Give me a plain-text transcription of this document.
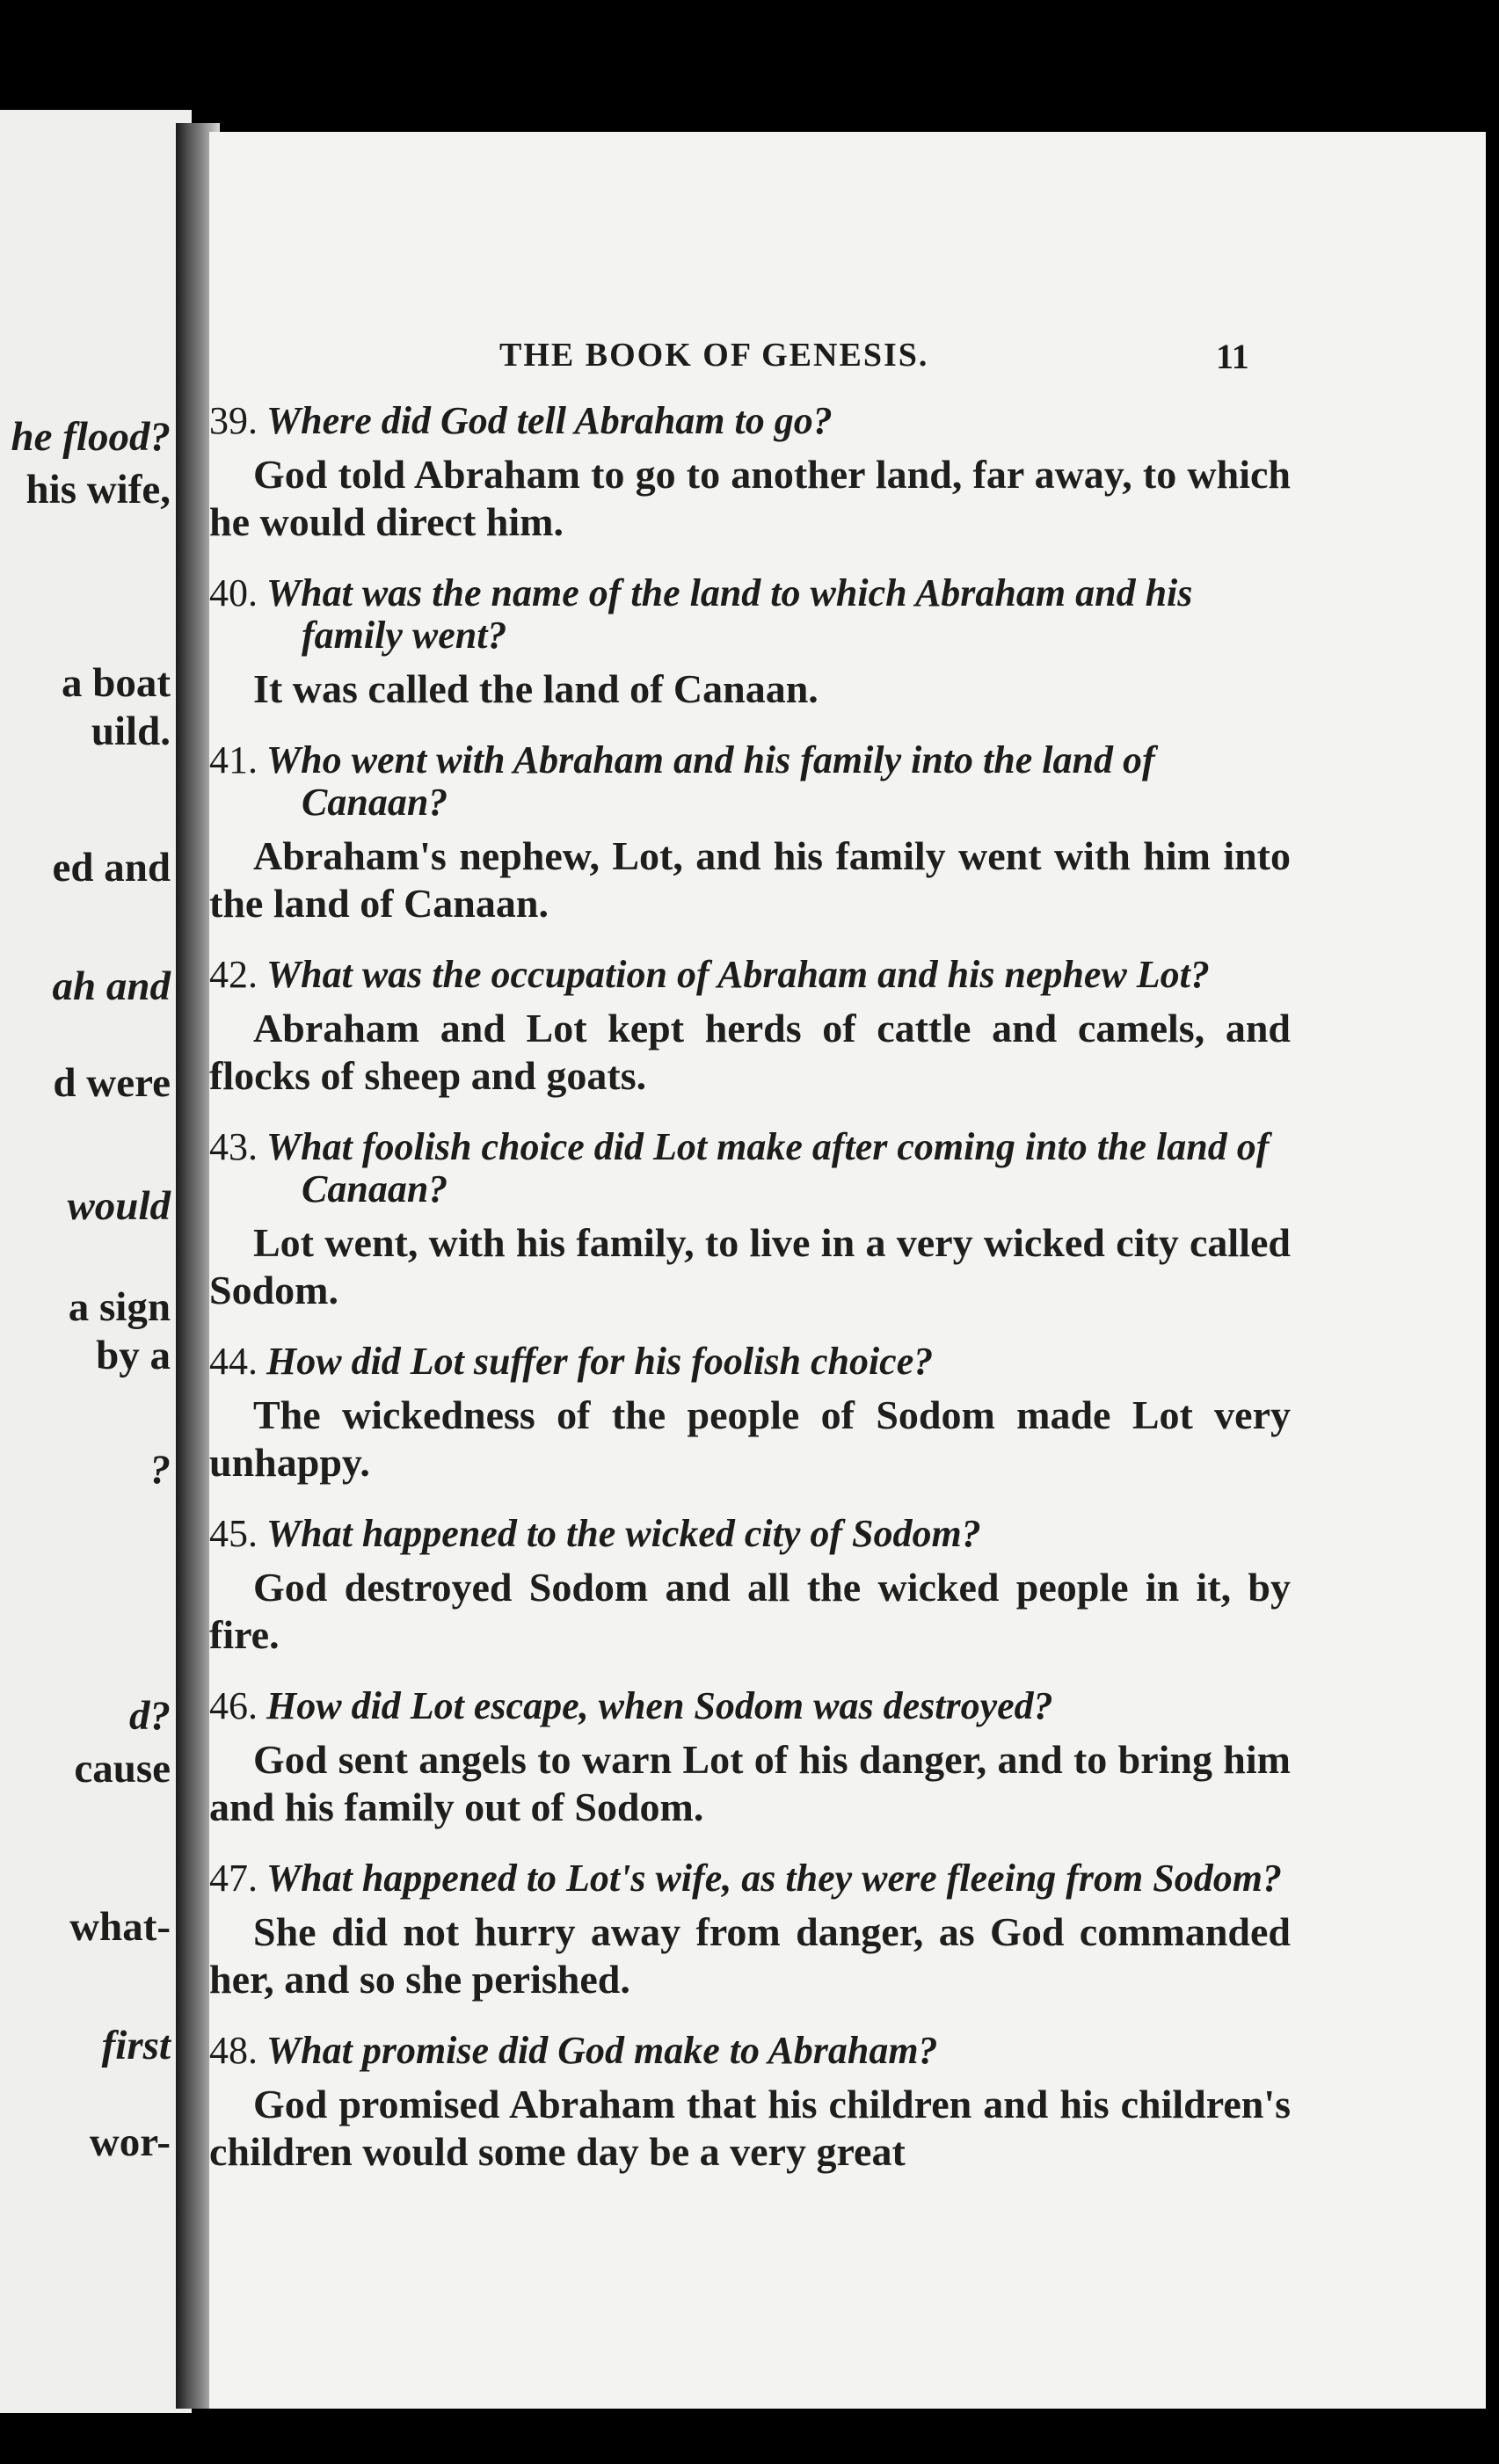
he flood?
his wife,
a boat
uild.
ed and
ah and
d were
would
a sign
by a
?
d?
cause
what-
first
wor-
THE BOOK OF GENESIS.	11
39. Where did God tell Abraham to go?
God told Abraham to go to another land, far away, to which he would direct him.
40. What was the name of the land to which Abraham and his family went?
It was called the land of Canaan.
41. Who went with Abraham and his family into the land of Canaan?
Abraham's nephew, Lot, and his family went with him into the land of Canaan.
42. What was the occupation of Abraham and his nephew Lot?
Abraham and Lot kept herds of cattle and camels, and flocks of sheep and goats.
43. What foolish choice did Lot make after coming into the land of Canaan?
Lot went, with his family, to live in a very wicked city called Sodom.
44. How did Lot suffer for his foolish choice?
The wickedness of the people of Sodom made Lot very unhappy.
45. What happened to the wicked city of Sodom?
God destroyed Sodom and all the wicked people in it, by fire.
46. How did Lot escape, when Sodom was destroyed?
God sent angels to warn Lot of his danger, and to bring him and his family out of Sodom.
47. What happened to Lot's wife, as they were fleeing from Sodom?
She did not hurry away from danger, as God commanded her, and so she perished.
48. What promise did God make to Abraham?
God promised Abraham that his children and his children's children would some day be a very great
